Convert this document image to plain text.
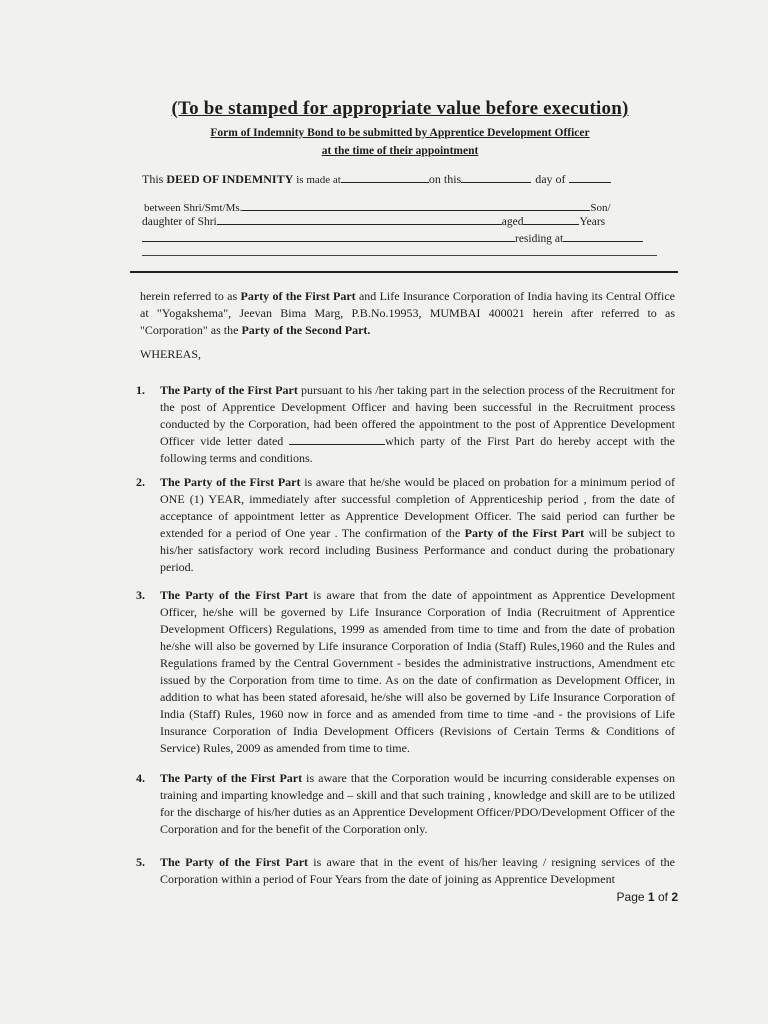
(To be stamped for appropriate value before execution)
Form of Indemnity Bond to be submitted by Apprentice Development Officer
at the time of their appointment
This DEED OF INDEMNITY is made at	on this	day of
between Shri/Smt/Ms.	Son/
daughter of Shri	aged	Years
residing at
herein referred to as Party of the First Part and Life Insurance Corporation of India having its Central Office at "Yogakshema", Jeevan Bima Marg, P.B.No.19953, MUMBAI 400021 herein after referred to as "Corporation" as the Party of the Second Part.
WHEREAS,
1. The Party of the First Part pursuant to his /her taking part in the selection process of the Recruitment for the post of Apprentice Development Officer and having been successful in the Recruitment process conducted by the Corporation, had been offered the appointment to the post of Apprentice Development Officer vide letter dated	which party of the First Part do hereby accept with the following terms and conditions.
2. The Party of the First Part is aware that he/she would be placed on probation for a minimum period of ONE (1) YEAR, immediately after successful completion of Apprenticeship period , from the date of acceptance of appointment letter as Apprentice Development Officer. The said period can further be extended for a period of One year . The confirmation of the Party of the First Part will be subject to his/her satisfactory work record including Business Performance and conduct during the probationary period.
3. The Party of the First Part is aware that from the date of appointment as Apprentice Development Officer, he/she will be governed by Life Insurance Corporation of India (Recruitment of Apprentice Development Officers) Regulations, 1999 as amended from time to time and from the date of probation he/she will also be governed by Life insurance Corporation of India (Staff) Rules,1960 and the Rules and Regulations framed by the Central Government - besides the administrative instructions, Amendment etc issued by the Corporation from time to time. As on the date of confirmation as Development Officer, in addition to what has been stated aforesaid, he/she will also be governed by Life Insurance Corporation of India (Staff) Rules, 1960 now in force and as amended from time to time -and - the provisions of Life Insurance Corporation of India Development Officers (Revisions of Certain Terms & Conditions of Service) Rules, 2009 as amended from time to time.
4. The Party of the First Part is aware that the Corporation would be incurring considerable expenses on training and imparting knowledge and – skill and that such training , knowledge and skill are to be utilized for the discharge of his/her duties as an Apprentice Development Officer/PDO/Development Officer of the Corporation and for the benefit of the Corporation only.
5. The Party of the First Part is aware that in the event of his/her leaving / resigning services of the Corporation within a period of Four Years from the date of joining as Apprentice Development
Page 1 of 2
